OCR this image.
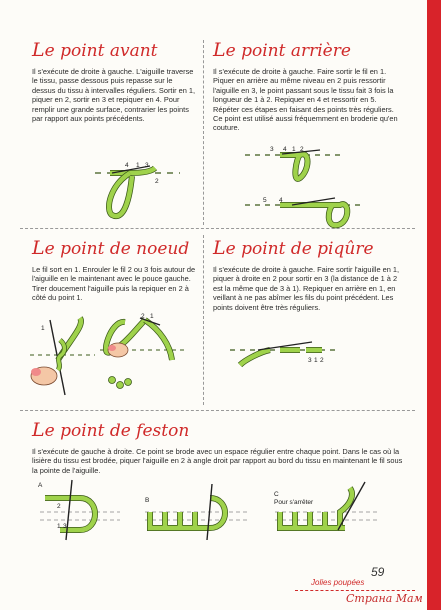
Le point avant
Il s'exécute de droite à gauche. L'aiguille traverse le tissu, passe dessous puis repasse sur le dessus du tissu à intervalles réguliers. Sortir en 1, piquer en 2, sortir en 3 et repiquer en 4. Pour remplir une grande surface, contrarier les points par rapport aux points précédents.
4 1 3
2
Le point arrière
Il s'exécute de droite à gauche. Faire sortir le fil en 1. Piquer en arrière au même niveau en 2 puis ressortir l'aiguille en 3, le point passant sous le tissu fait 3 fois la longueur de 1 à 2. Repiquer en 4 et ressortir en 5. Répéter ces étapes en faisant des points très réguliers. Ce point est utilisé aussi fréquemment en broderie qu'en couture.
3 4 1 2
5 4
Le point de noeud
Le fil sort en 1. Enrouler le fil 2 ou 3 fois autour de l'aiguille en le maintenant avec le pouce gauche. Tirer doucement l'aiguille puis la repiquer en 2 à côté du point 1.
1
2 1
Le point de piqûre
Il s'exécute de droite à gauche. Faire sortir l'aiguille en 1, piquer à droite en 2 pour sortir en 3 (la distance de 1 à 2 est la même que de 3 à 1). Repiquer en arrière en 1, en veillant à ne pas abîmer les fils du point précédent. Les points doivent être très réguliers.
3 1 2
Le point de feston
Il s'exécute de gauche à droite. Ce point se brode avec un espace régulier entre chaque point. Dans le cas où la lisière du tissu est brodée, piquer l'aiguille en 2 à angle droit par rapport au bord du tissu en maintenant le fil sous la pointe de l'aiguille.
A
2
1 3
B
C
Pour s'arrêter
59
Jolies poupées
Страна Мам
